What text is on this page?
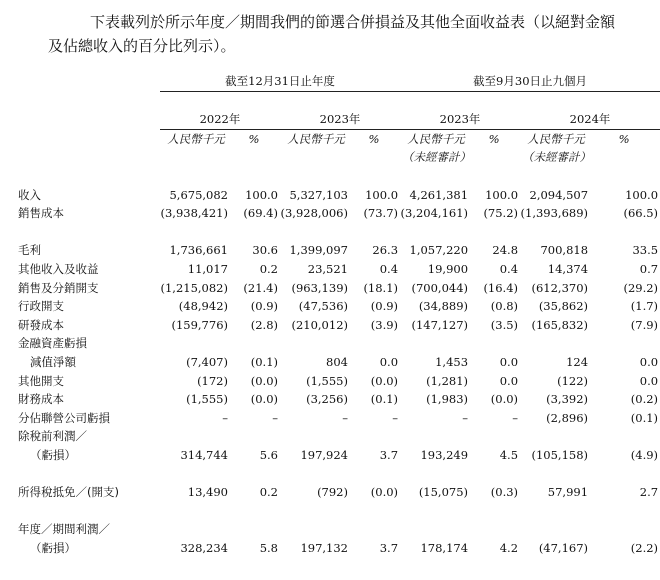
下表載列於所示年度／期間我們的節選合併損益及其他全面收益表（以絕對金額
及佔總收入的百分比列示）。
	截至12月31日止年度				截至9月30日止九個月			

	2022年		2023年		2023年		2024年	
	人民幣千元	%	人民幣千元	%	人民幣千元	%	人民幣千元	%
					（未經審計）		（未經審計）	

收入	5,675,082	100.0	5,327,103	100.0	4,261,381	100.0	2,094,507	100.0
銷售成本	(3,938,421)	(69.4)	(3,928,006)	(73.7)	(3,204,161)	(75.2)	(1,393,689)	(66.5)

毛利	1,736,661	30.6	1,399,097	26.3	1,057,220	24.8	700,818	33.5
其他收入及收益	11,017	0.2	23,521	0.4	19,900	0.4	14,374	0.7
銷售及分銷開支	(1,215,082)	(21.4)	(963,139)	(18.1)	(700,044)	(16.4)	(612,370)	(29.2)
行政開支	(48,942)	(0.9)	(47,536)	(0.9)	(34,889)	(0.8)	(35,862)	(1.7)
研發成本	(159,776)	(2.8)	(210,012)	(3.9)	(147,127)	(3.5)	(165,832)	(7.9)
金融資產虧損								
減值淨額	(7,407)	(0.1)	804	0.0	1,453	0.0	124	0.0
其他開支	(172)	(0.0)	(1,555)	(0.0)	(1,281)	0.0	(122)	0.0
財務成本	(1,555)	(0.0)	(3,256)	(0.1)	(1,983)	(0.0)	(3,392)	(0.2)
分佔聯營公司虧損	–	–	–	–	–	–	(2,896)	(0.1)
除稅前利潤／								
（虧損）	314,744	5.6	197,924	3.7	193,249	4.5	(105,158)	(4.9)

所得稅抵免／(開支)	13,490	0.2	(792)	(0.0)	(15,075)	(0.3)	57,991	2.7

年度／期間利潤／								
（虧損）	328,234	5.8	197,132	3.7	178,174	4.2	(47,167)	(2.2)
